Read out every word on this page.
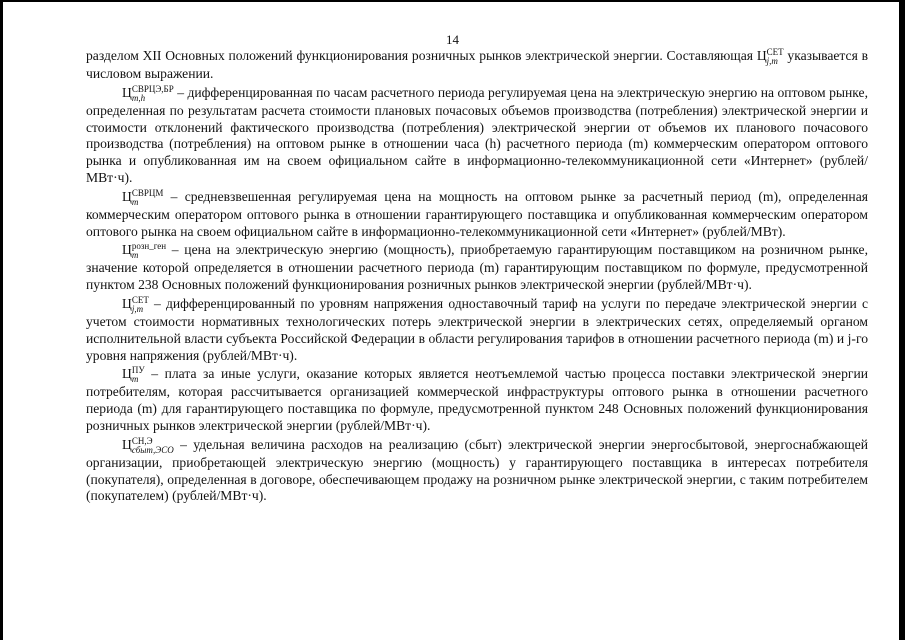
14

разделом XII Основных положений функционирования розничных рынков электрической энергии. Составляющая Ц СЕТ
j,m указывается в числовом выражении.

Ц СВРЦЭ,БР
m,h	– дифференцированная по часам расчетного периода регулируемая цена на электрическую энергию на оптовом рынке, определенная по результатам расчета стоимости плановых почасовых объемов производства (потребления) электрической энергии и стоимости отклонений фактического производства (потребления) электрической энергии от объемов их планового почасового производства (потребления) на оптовом рынке в отношении часа (h) расчетного периода (m) коммерческим оператором оптового рынка и опубликованная им на своем официальном сайте в информационно-телекоммуникационной сети «Интернет» (рублей/МВт·ч).

Ц СВРЦМ
m	– средневзвешенная регулируемая цена на мощность на оптовом рынке за расчетный период (m), определенная коммерческим оператором оптового рынка в отношении гарантирующего поставщика и опубликованная коммерческим оператором оптового рынка на своем официальном сайте в информационно-телекоммуникационной сети «Интернет» (рублей/МВт).

Ц розн_ген
m	– цена на электрическую энергию (мощность), приобретаемую гарантирующим поставщиком на розничном рынке, значение которой определяется в отношении расчетного периода (m) гарантирующим поставщиком по формуле, предусмотренной пунктом 238 Основных положений функционирования розничных рынков электрической энергии (рублей/МВт·ч).

Ц СЕТ
j,m – дифференцированный по уровням напряжения одноставочный тариф на услуги по передаче электрической энергии с учетом стоимости нормативных технологических потерь электрической энергии в электрических сетях, определяемый органом исполнительной власти субъекта Российской Федерации в области регулирования тарифов в отношении расчетного периода (m) и j-го уровня напряжения (рублей/МВт·ч).

Ц ПУ
m – плата за иные услуги, оказание которых является неотъемлемой частью процесса поставки электрической энергии потребителям, которая рассчитывается организацией коммерческой инфраструктуры оптового рынка в отношении расчетного периода (m) для гарантирующего поставщика по формуле, предусмотренной пунктом 248 Основных положений функционирования розничных рынков электрической энергии (рублей/МВт·ч).

Ц СН,Э
сбыт,ЭСО – удельная величина расходов на реализацию (сбыт) электрической энергии энергосбытовой, энергоснабжающей организации, приобретающей электрическую энергию (мощность) у гарантирующего поставщика в интересах потребителя (покупателя), определенная в договоре, обеспечивающем продажу на розничном рынке электрической энергии, с таким потребителем (покупателем) (рублей/МВт·ч).
